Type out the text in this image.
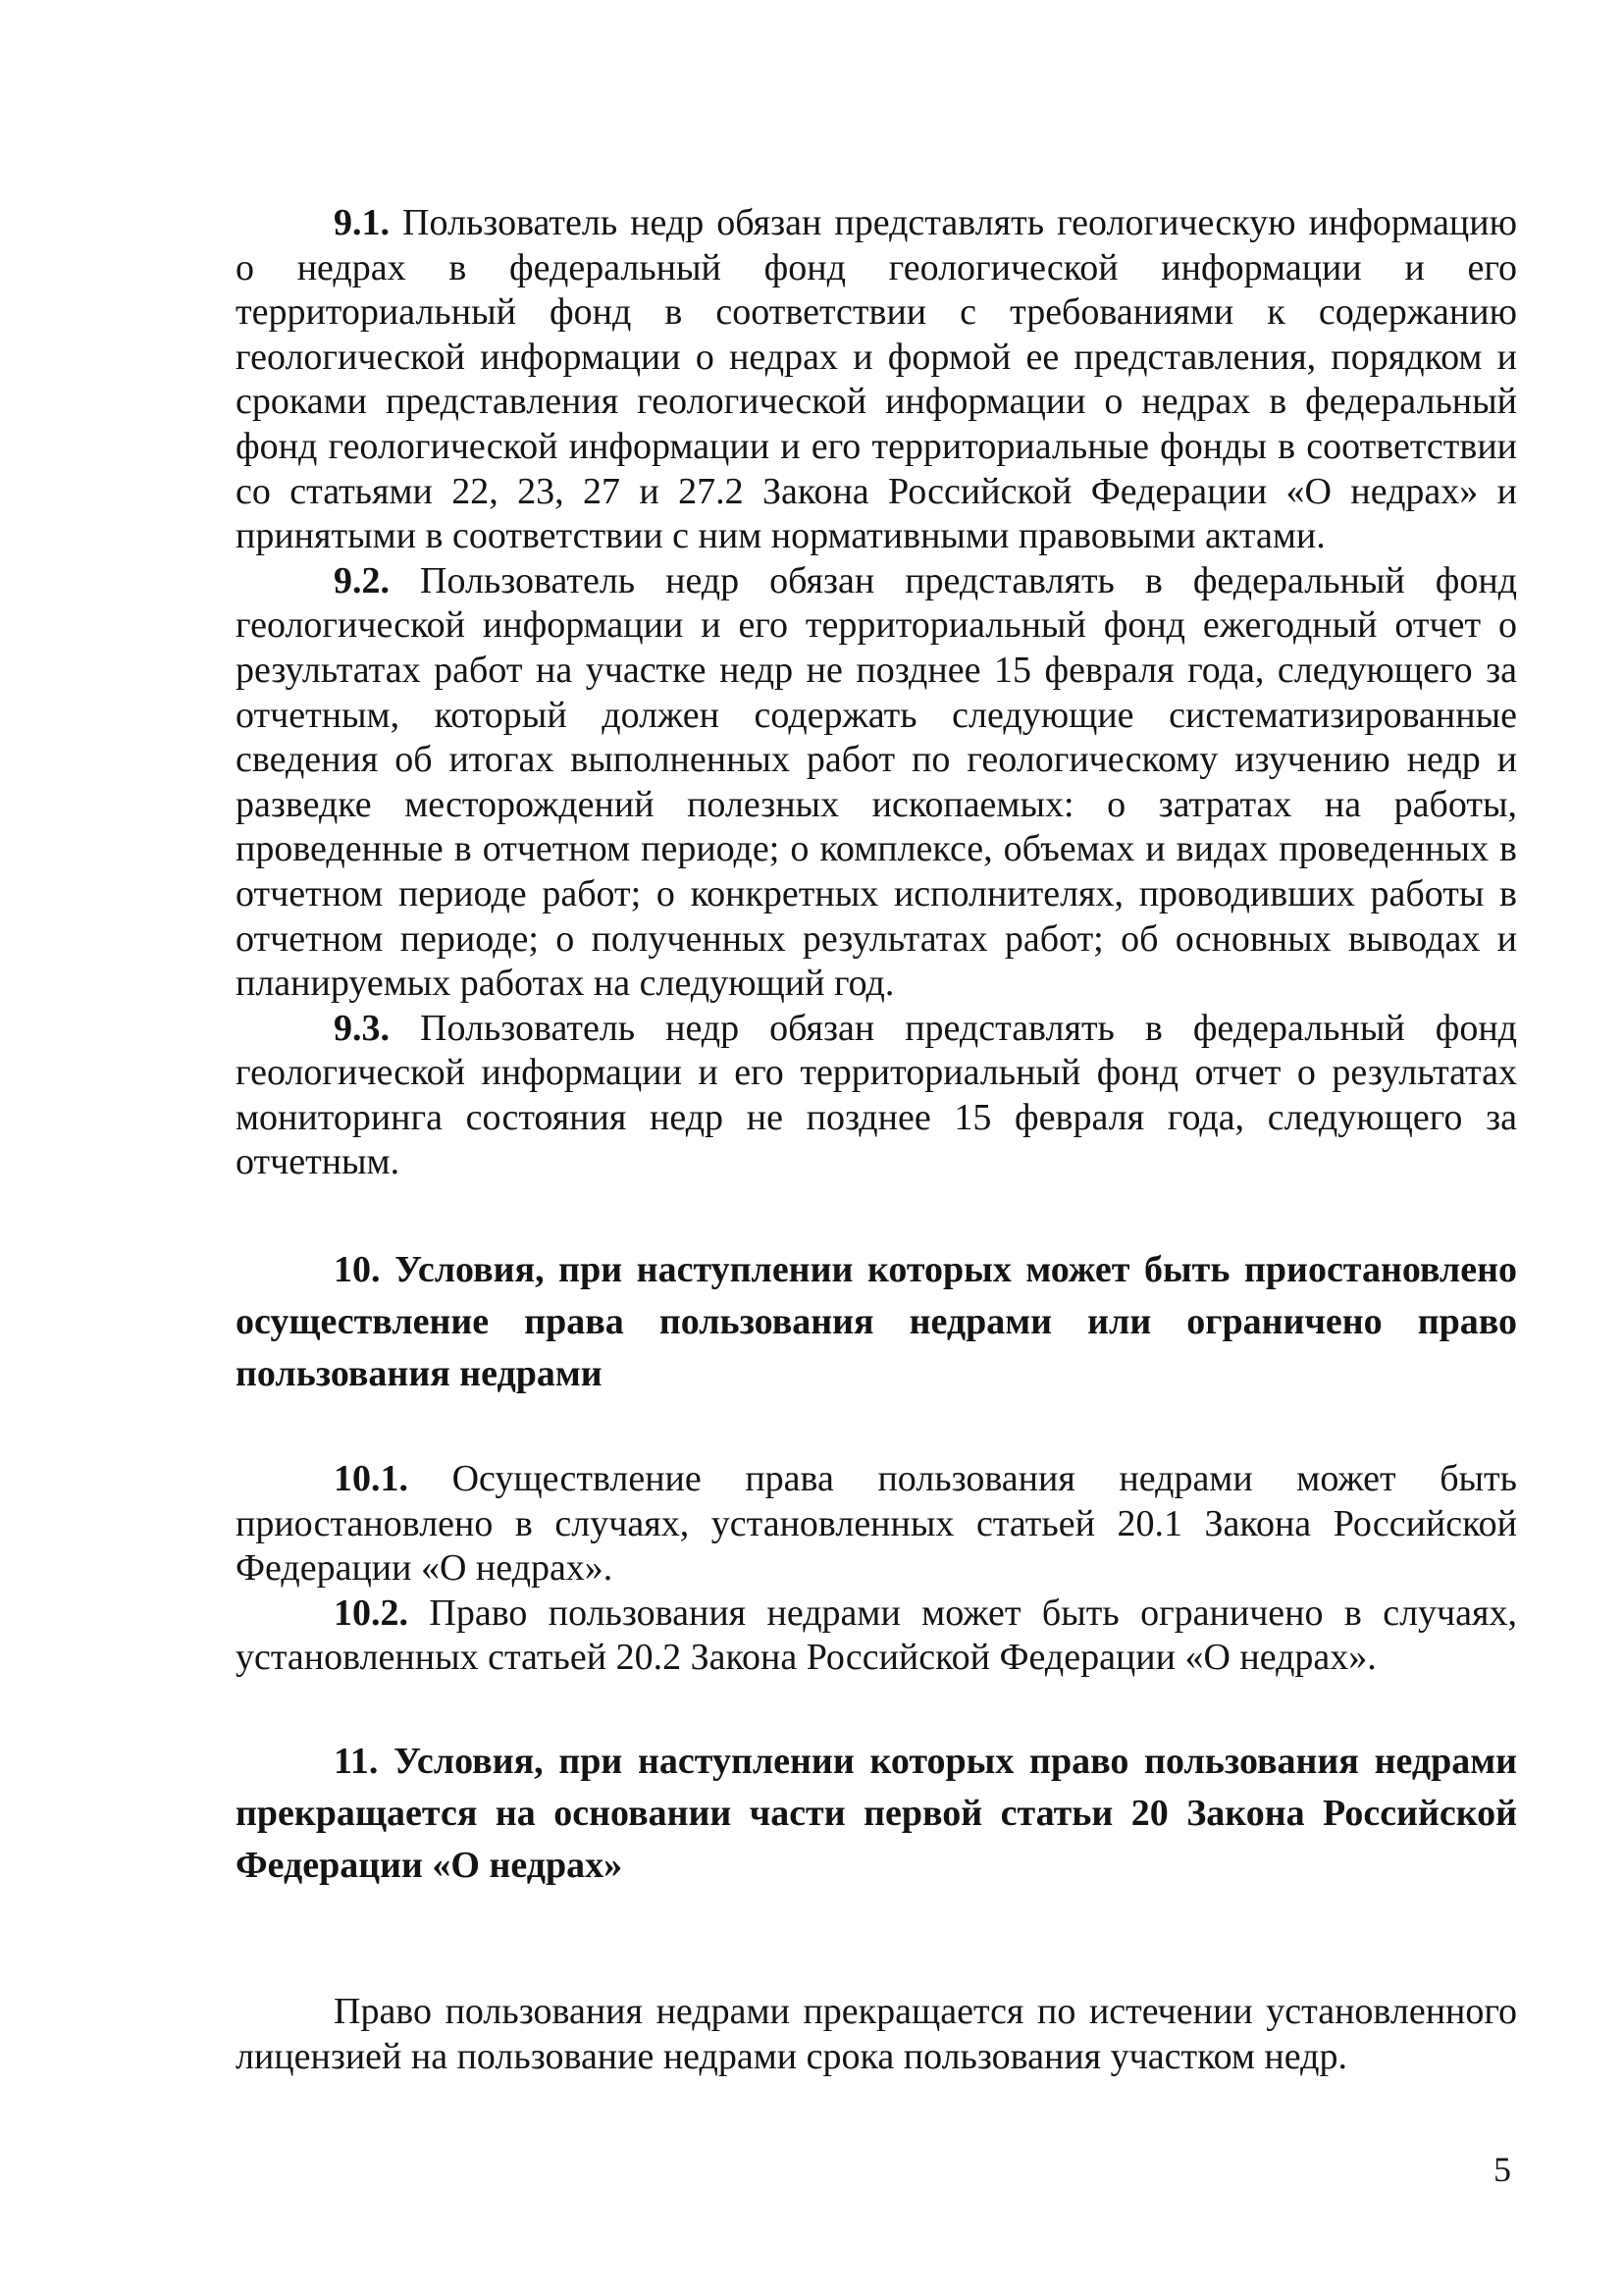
9.1. Пользователь недр обязан представлять геологическую информацию о недрах в федеральный фонд геологической информации и его территориальный фонд в соответствии с требованиями к содержанию геологической информации о недрах и формой ее представления, порядком и сроками представления геологической информации о недрах в федеральный фонд геологической информации и его территориальные фонды в соответствии со статьями 22, 23, 27 и 27.2 Закона Российской Федерации «О недрах» и принятыми в соответствии с ним нормативными правовыми актами.

9.2. Пользователь недр обязан представлять в федеральный фонд геологической информации и его территориальный фонд ежегодный отчет о результатах работ на участке недр не позднее 15 февраля года, следующего за отчетным, который должен содержать следующие систематизированные сведения об итогах выполненных работ по геологическому изучению недр и разведке месторождений полезных ископаемых: о затратах на работы, проведенные в отчетном периоде; о комплексе, объемах и видах проведенных в отчетном периоде работ; о конкретных исполнителях, проводивших работы в отчетном периоде; о полученных результатах работ; об основных выводах и планируемых работах на следующий год.

9.3. Пользователь недр обязан представлять в федеральный фонд геологической информации и его территориальный фонд отчет о результатах мониторинга состояния недр не позднее 15 февраля года, следующего за отчетным.

10. Условия, при наступлении которых может быть приостановлено осуществление права пользования недрами или ограничено право пользования недрами

10.1. Осуществление права пользования недрами может быть приостановлено в случаях, установленных статьей 20.1 Закона Российской Федерации «О недрах».

10.2. Право пользования недрами может быть ограничено в случаях, установленных статьей 20.2 Закона Российской Федерации «О недрах».

11. Условия, при наступлении которых право пользования недрами прекращается на основании части первой статьи 20 Закона Российской Федерации «О недрах»

Право пользования недрами прекращается по истечении установленного лицензией на пользование недрами срока пользования участком недр.

5
